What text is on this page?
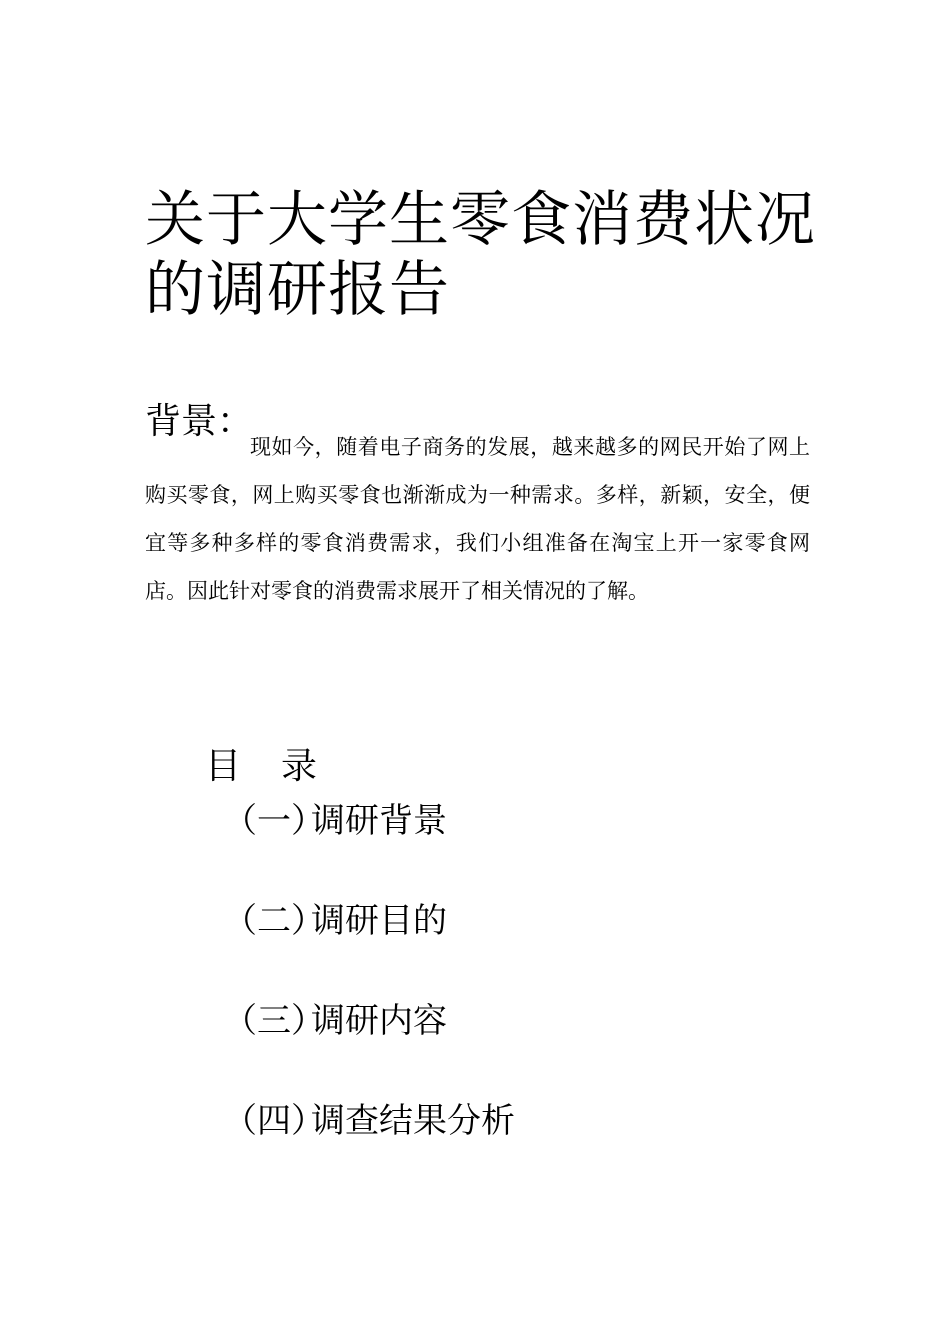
关于大学生零食消费状况
的调研报告
背景：

现如今，随着电子商务的发展，越来越多的网民开始了网上购买零食，网上购买零食也渐渐成为一种需求。多样，新颖，安全，便宜等多种多样的零食消费需求，我们小组准备在淘宝上开一家零食网店。因此针对零食的消费需求展开了相关情况的了解。

目　录
（一）调研背景
（二）调研目的
（三）调研内容
（四）调查结果分析
